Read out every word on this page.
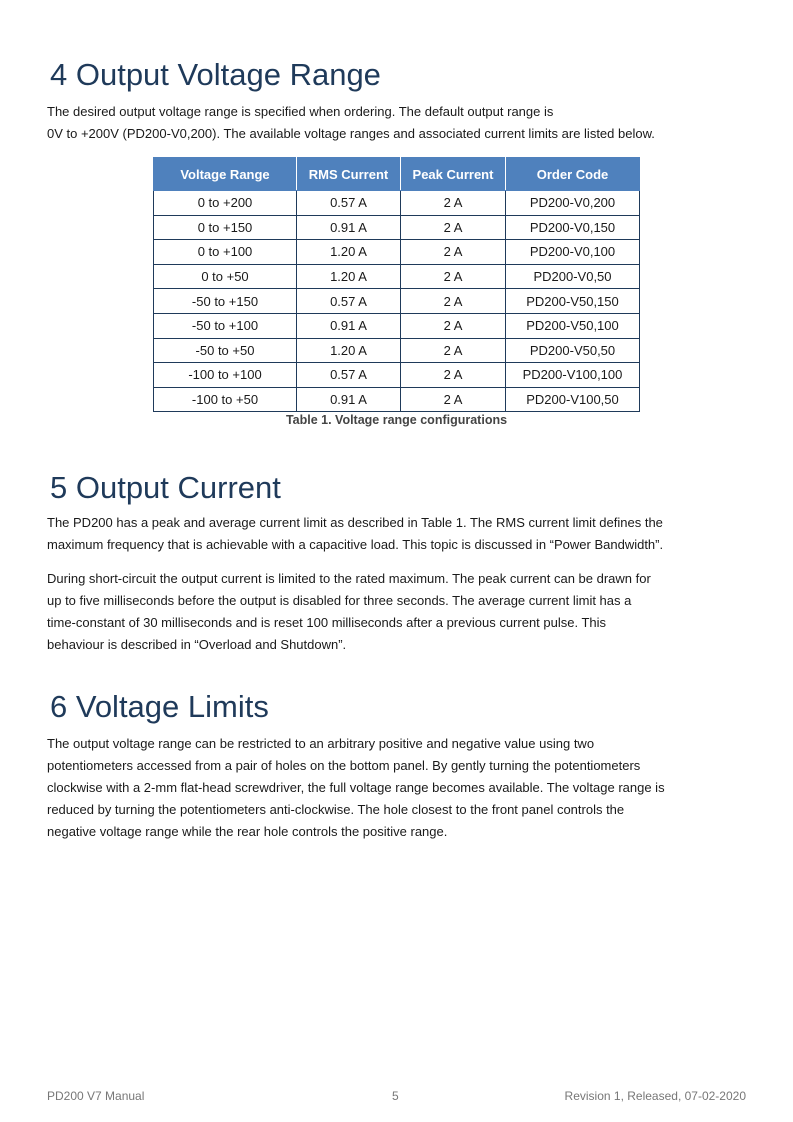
4 Output Voltage Range

The desired output voltage range is specified when ordering. The default output range is
0V to +200V (PD200-V0,200). The available voltage ranges and associated current limits are listed below.

Voltage Range	RMS Current	Peak Current	Order Code
0 to +200	0.57 A	2 A	PD200-V0,200
0 to +150	0.91 A	2 A	PD200-V0,150
0 to +100	1.20 A	2 A	PD200-V0,100
0 to +50	1.20 A	2 A	PD200-V0,50
-50 to +150	0.57 A	2 A	PD200-V50,150
-50 to +100	0.91 A	2 A	PD200-V50,100
-50 to +50	1.20 A	2 A	PD200-V50,50
-100 to +100	0.57 A	2 A	PD200-V100,100
-100 to +50	0.91 A	2 A	PD200-V100,50
Table 1. Voltage range configurations
5 Output Current

The PD200 has a peak and average current limit as described in Table 1. The RMS current limit defines the
maximum frequency that is achievable with a capacitive load. This topic is discussed in “Power Bandwidth”.

During short-circuit the output current is limited to the rated maximum. The peak current can be drawn for
up to five milliseconds before the output is disabled for three seconds. The average current limit has a
time-constant of 30 milliseconds and is reset 100 milliseconds after a previous current pulse. This
behaviour is described in “Overload and Shutdown”.

6 Voltage Limits

The output voltage range can be restricted to an arbitrary positive and negative value using two
potentiometers accessed from a pair of holes on the bottom panel. By gently turning the potentiometers
clockwise with a 2-mm flat-head screwdriver, the full voltage range becomes available. The voltage range is
reduced by turning the potentiometers anti-clockwise. The hole closest to the front panel controls the
negative voltage range while the rear hole controls the positive range.

PD200 V7 Manual	5	Revision 1, Released, 07-02-2020
